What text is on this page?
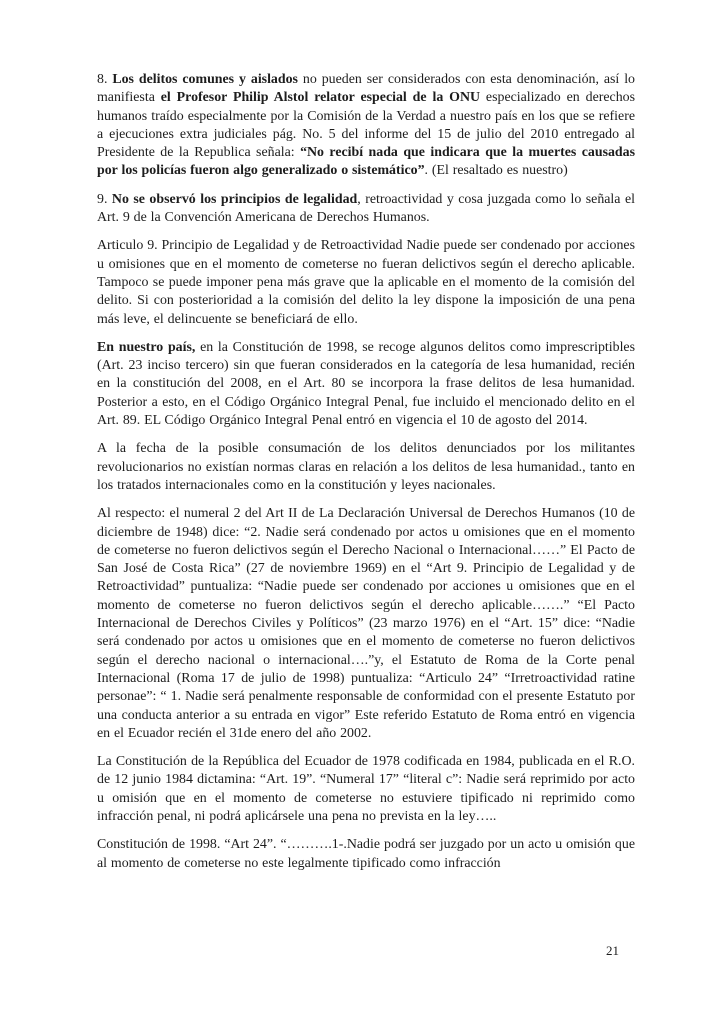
8. Los delitos comunes y aislados no pueden ser considerados con esta denominación, así lo manifiesta el Profesor Philip Alstol relator especial de la ONU especializado en derechos humanos traído especialmente por la Comisión de la Verdad a nuestro país en los que se refiere a ejecuciones extra judiciales pág. No. 5 del informe del 15 de julio del 2010 entregado al Presidente de la Republica señala: “No recibí nada que indicara que la muertes causadas por los policías fueron algo generalizado o sistemático”. (El resaltado es nuestro)

9. No se observó los principios de legalidad, retroactividad y cosa juzgada como lo señala el Art. 9 de la Convención Americana de Derechos Humanos.

Articulo 9. Principio de Legalidad y de Retroactividad Nadie puede ser condenado por acciones u omisiones que en el momento de cometerse no fueran delictivos según el derecho aplicable. Tampoco se puede imponer pena más grave que la aplicable en el momento de la comisión del delito. Si con posterioridad a la comisión del delito la ley dispone la imposición de una pena más leve, el delincuente se beneficiará de ello.

En nuestro país, en la Constitución de 1998, se recoge algunos delitos como imprescriptibles (Art. 23 inciso tercero) sin que fueran considerados en la categoría de lesa humanidad, recién en la constitución del 2008, en el Art. 80 se incorpora la frase delitos de lesa humanidad. Posterior a esto, en el Código Orgánico Integral Penal, fue incluido el mencionado delito en el Art. 89. EL Código Orgánico Integral Penal entró en vigencia el 10 de agosto del 2014.

A la fecha de la posible consumación de los delitos denunciados por los militantes revolucionarios no existían normas claras en relación a los delitos de lesa humanidad., tanto en los tratados internacionales como en la constitución y leyes nacionales.

Al respecto: el numeral 2 del Art II de La Declaración Universal de Derechos Humanos (10 de diciembre de 1948) dice: “2. Nadie será condenado por actos u omisiones que en el momento de cometerse no fueron delictivos según el Derecho Nacional o Internacional……” El Pacto de San José de Costa Rica” (27 de noviembre 1969) en el “Art 9. Principio de Legalidad y de Retroactividad” puntualiza: “Nadie puede ser condenado por acciones u omisiones que en el momento de cometerse no fueron delictivos según el derecho aplicable…….” “El Pacto Internacional de Derechos Civiles y Políticos” (23 marzo 1976) en el “Art. 15” dice: “Nadie será condenado por actos u omisiones que en el momento de cometerse no fueron delictivos según el derecho nacional o internacional….”y, el Estatuto de Roma de la Corte penal Internacional (Roma 17 de julio de 1998) puntualiza: “Articulo 24” “Irretroactividad ratine personae”: “ 1. Nadie será penalmente responsable de conformidad con el presente Estatuto por una conducta anterior a su entrada en vigor” Este referido Estatuto de Roma entró en vigencia en el Ecuador recién el 31de enero del año 2002.

La Constitución de la República del Ecuador de 1978 codificada en 1984, publicada en el R.O. de 12 junio 1984 dictamina: “Art. 19”. “Numeral 17” “literal c”: Nadie será reprimido por acto u omisión que en el momento de cometerse no estuviere tipificado ni reprimido como infracción penal, ni podrá aplicársele una pena no prevista en la ley…..

Constitución de 1998. “Art 24”. “……….1-.Nadie podrá ser juzgado por un acto u omisión que al momento de cometerse no este legalmente tipificado como infracción

21
